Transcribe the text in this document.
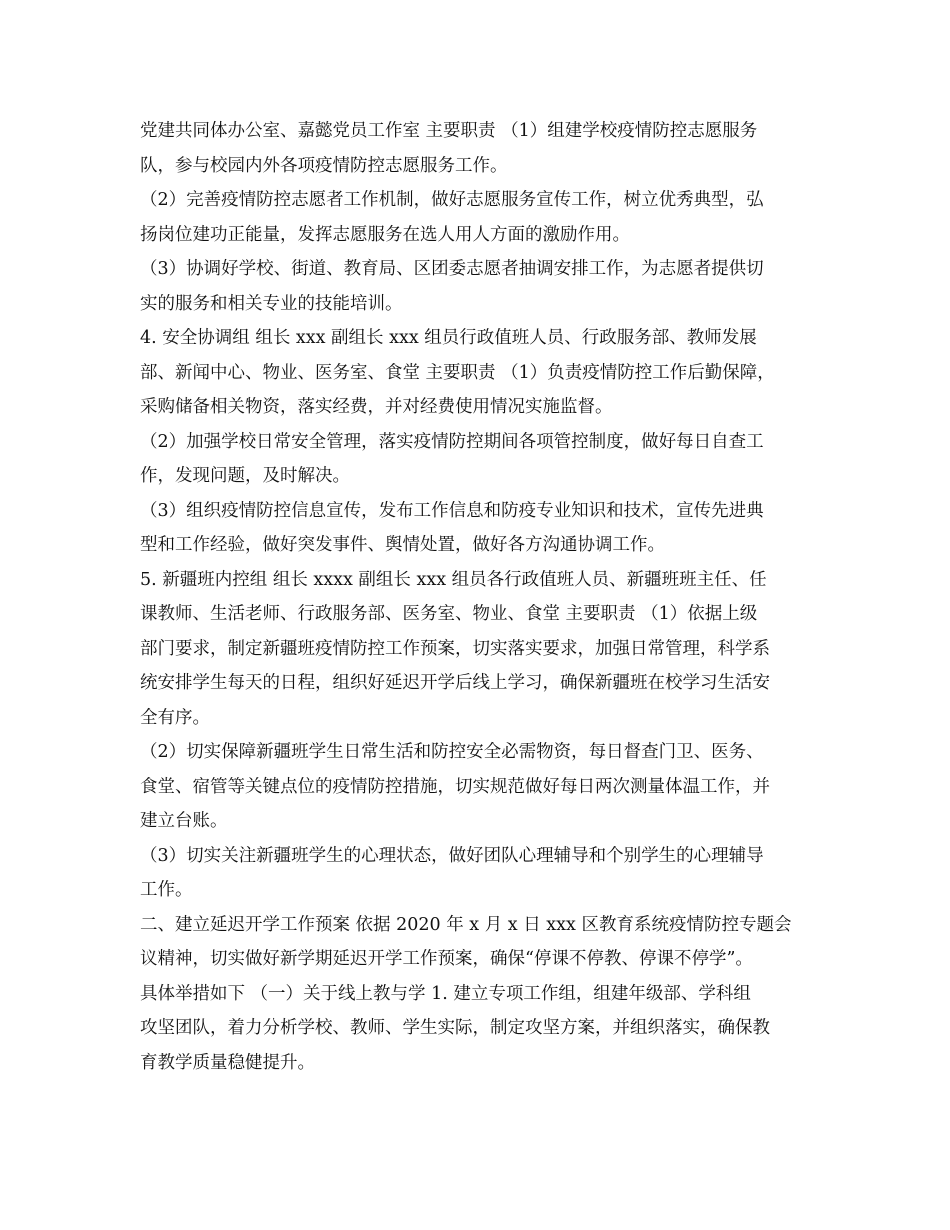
党建共同体办公室、嘉懿党员工作室 主要职责 （1）组建学校疫情防控志愿服务
队，参与校园内外各项疫情防控志愿服务工作。
（2）完善疫情防控志愿者工作机制，做好志愿服务宣传工作，树立优秀典型，弘
扬岗位建功正能量，发挥志愿服务在选人用人方面的激励作用。
（3）协调好学校、街道、教育局、区团委志愿者抽调安排工作，为志愿者提供切
实的服务和相关专业的技能培训。
4. 安全协调组 组长 xxx 副组长 xxx 组员行政值班人员、行政服务部、教师发展
部、新闻中心、物业、医务室、食堂 主要职责 （1）负责疫情防控工作后勤保障，
采购储备相关物资，落实经费，并对经费使用情况实施监督。
（2）加强学校日常安全管理，落实疫情防控期间各项管控制度，做好每日自查工
作，发现问题，及时解决。
（3）组织疫情防控信息宣传，发布工作信息和防疫专业知识和技术，宣传先进典
型和工作经验，做好突发事件、舆情处置，做好各方沟通协调工作。
5. 新疆班内控组 组长 xxxx 副组长 xxx 组员各行政值班人员、新疆班班主任、任
课教师、生活老师、行政服务部、医务室、物业、食堂 主要职责 （1）依据上级
部门要求，制定新疆班疫情防控工作预案，切实落实要求，加强日常管理，科学系
统安排学生每天的日程，组织好延迟开学后线上学习，确保新疆班在校学习生活安
全有序。
（2）切实保障新疆班学生日常生活和防控安全必需物资，每日督查门卫、医务、
食堂、宿管等关键点位的疫情防控措施，切实规范做好每日两次测量体温工作，并
建立台账。
（3）切实关注新疆班学生的心理状态，做好团队心理辅导和个别学生的心理辅导
工作。
二、建立延迟开学工作预案 依据 2020 年 x 月 x 日 xxx 区教育系统疫情防控专题会
议精神，切实做好新学期延迟开学工作预案，确保“停课不停教、停课不停学”。
具体举措如下 （一）关于线上教与学 1. 建立专项工作组，组建年级部、学科组
攻坚团队，着力分析学校、教师、学生实际，制定攻坚方案，并组织落实，确保教
育教学质量稳健提升。
